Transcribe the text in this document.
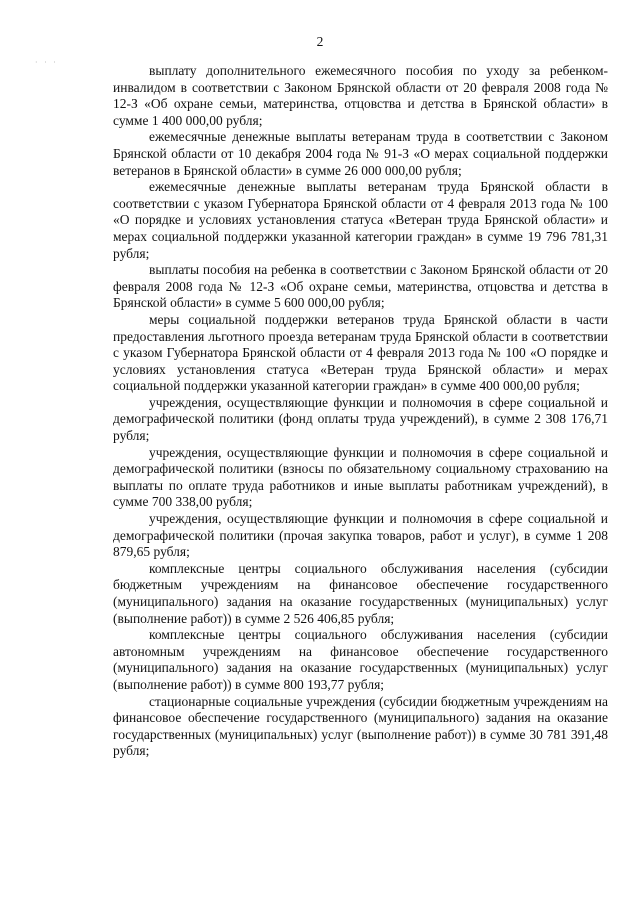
· · ·
2

выплату дополнительного ежемесячного пособия по уходу за ребенком-инвалидом в соответствии с Законом Брянской области от 20 февраля 2008 года № 12-З «Об охране семьи, материнства, отцовства и детства в Брянской области» в сумме 1 400 000,00 рубля;

ежемесячные денежные выплаты ветеранам труда в соответствии с Законом Брянской области от 10 декабря 2004 года № 91-З «О мерах социальной поддержки ветеранов в Брянской области» в сумме 26 000 000,00 рубля;

ежемесячные денежные выплаты ветеранам труда Брянской области в соответствии с указом Губернатора Брянской области от 4 февраля 2013 года № 100 «О порядке и условиях установления статуса «Ветеран труда Брянской области» и мерах социальной поддержки указанной категории граждан» в сумме 19 796 781,31 рубля;

выплаты пособия на ребенка в соответствии с Законом Брянской области от 20 февраля 2008 года № 12-З «Об охране семьи, материнства, отцовства и детства в Брянской области» в сумме 5 600 000,00 рубля;

меры социальной поддержки ветеранов труда Брянской области в части предоставления льготного проезда ветеранам труда Брянской области в соответствии с указом Губернатора Брянской области от 4 февраля 2013 года № 100 «О порядке и условиях установления статуса «Ветеран труда Брянской области» и мерах социальной поддержки указанной категории граждан» в сумме 400 000,00 рубля;

учреждения, осуществляющие функции и полномочия в сфере социальной и демографической политики (фонд оплаты труда учреждений), в сумме 2 308 176,71 рубля;

учреждения, осуществляющие функции и полномочия в сфере социальной и демографической политики (взносы по обязательному социальному страхованию на выплаты по оплате труда работников и иные выплаты работникам учреждений), в сумме 700 338,00 рубля;

учреждения, осуществляющие функции и полномочия в сфере социальной и демографической политики (прочая закупка товаров, работ и услуг), в сумме 1 208 879,65 рубля;

комплексные центры социального обслуживания населения (субсидии бюджетным учреждениям на финансовое обеспечение государственного (муниципального) задания на оказание государственных (муниципальных) услуг (выполнение работ)) в сумме 2 526 406,85 рубля;

комплексные центры социального обслуживания населения (субсидии автономным учреждениям на финансовое обеспечение государственного (муниципального) задания на оказание государственных (муниципальных) услуг (выполнение работ)) в сумме 800 193,77 рубля;

стационарные социальные учреждения (субсидии бюджетным учреждениям на финансовое обеспечение государственного (муниципального) задания на оказание государственных (муниципальных) услуг (выполнение работ)) в сумме 30 781 391,48 рубля;
